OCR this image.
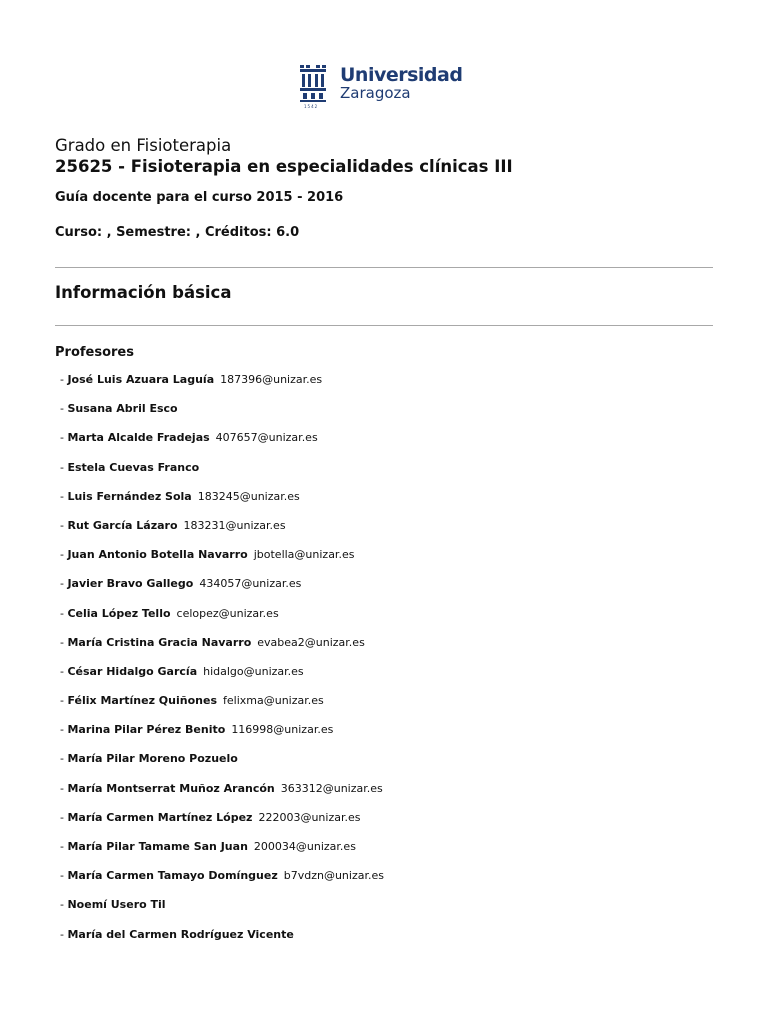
1542
Universidad
Zaragoza
Grado en Fisioterapia
25625 - Fisioterapia en especialidades clínicas III
Guía docente para el curso 2015 - 2016
Curso: , Semestre: , Créditos: 6.0
Información básica
Profesores
- José Luis Azuara Laguía 187396@unizar.es
- Susana Abril Esco
- Marta Alcalde Fradejas 407657@unizar.es
- Estela Cuevas Franco
- Luis Fernández Sola 183245@unizar.es
- Rut García Lázaro 183231@unizar.es
- Juan Antonio Botella Navarro jbotella@unizar.es
- Javier Bravo Gallego 434057@unizar.es
- Celia López Tello celopez@unizar.es
- María Cristina Gracia Navarro evabea2@unizar.es
- César Hidalgo García hidalgo@unizar.es
- Félix Martínez Quiñones felixma@unizar.es
- Marina Pilar Pérez Benito 116998@unizar.es
- María Pilar Moreno Pozuelo
- María Montserrat Muñoz Arancón 363312@unizar.es
- María Carmen Martínez López 222003@unizar.es
- María Pilar Tamame San Juan 200034@unizar.es
- María Carmen Tamayo Domínguez b7vdzn@unizar.es
- Noemí Usero Til
- María del Carmen Rodríguez Vicente
